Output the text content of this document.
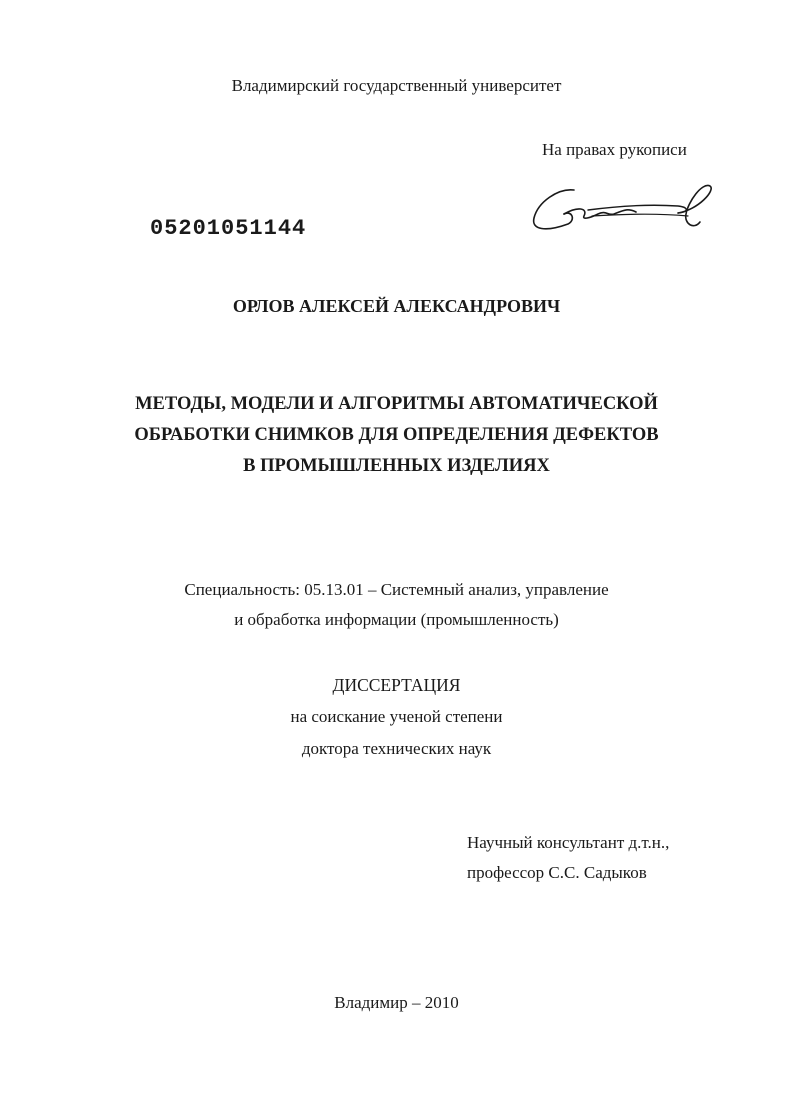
Владимирский государственный университет
На правах рукописи
05201051144
ОРЛОВ АЛЕКСЕЙ АЛЕКСАНДРОВИЧ
МЕТОДЫ, МОДЕЛИ И АЛГОРИТМЫ АВТОМАТИЧЕСКОЙ
ОБРАБОТКИ СНИМКОВ ДЛЯ ОПРЕДЕЛЕНИЯ ДЕФЕКТОВ
В ПРОМЫШЛЕННЫХ ИЗДЕЛИЯХ
Специальность: 05.13.01 – Системный анализ, управление
и обработка информации (промышленность)
ДИССЕРТАЦИЯ
на соискание ученой степени
доктора технических наук
Научный консультант д.т.н.,
профессор С.С. Садыков
Владимир – 2010
